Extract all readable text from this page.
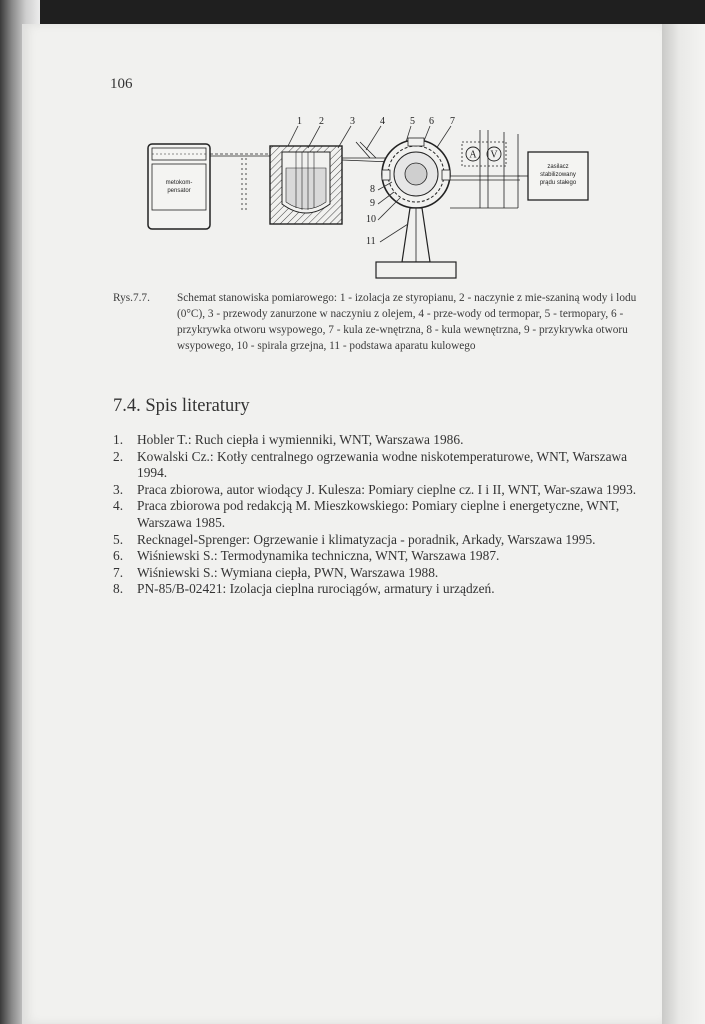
106
1 2	3	4	5 6 7
metokom-
pensator	8
9
10
11
A V
zasilacz
stabilizowany
prądu stałego
Rys.7.7.	Schemat stanowiska pomiarowego: 1 - izolacja ze styropianu, 2 - naczynie z mie-szaniną wody i lodu (0°C), 3 - przewody zanurzone w naczyniu z olejem, 4 - prze-wody od termopar, 5 - termopary, 6 - przykrywka otworu wsypowego, 7 - kula ze-wnętrzna, 8 - kula wewnętrzna, 9 - przykrywka otworu wsypowego, 10 - spirala grzejna, 11 - podstawa aparatu kulowego
7.4. Spis literatury
1.	Hobler T.: Ruch ciepła i wymienniki, WNT, Warszawa 1986.
2.	Kowalski Cz.: Kotły centralnego ogrzewania wodne niskotemperaturowe, WNT, Warszawa 1994.
3.	Praca zbiorowa, autor wiodący J. Kulesza: Pomiary cieplne cz. I i II, WNT, War-szawa 1993.
4.	Praca zbiorowa pod redakcją M. Mieszkowskiego: Pomiary cieplne i energetyczne, WNT, Warszawa 1985.
5.	Recknagel-Sprenger: Ogrzewanie i klimatyzacja - poradnik, Arkady, Warszawa 1995.
6.	Wiśniewski S.: Termodynamika techniczna, WNT, Warszawa 1987.
7.	Wiśniewski S.: Wymiana ciepła, PWN, Warszawa 1988.
8.	PN-85/B-02421: Izolacja cieplna rurociągów, armatury i urządzeń.
